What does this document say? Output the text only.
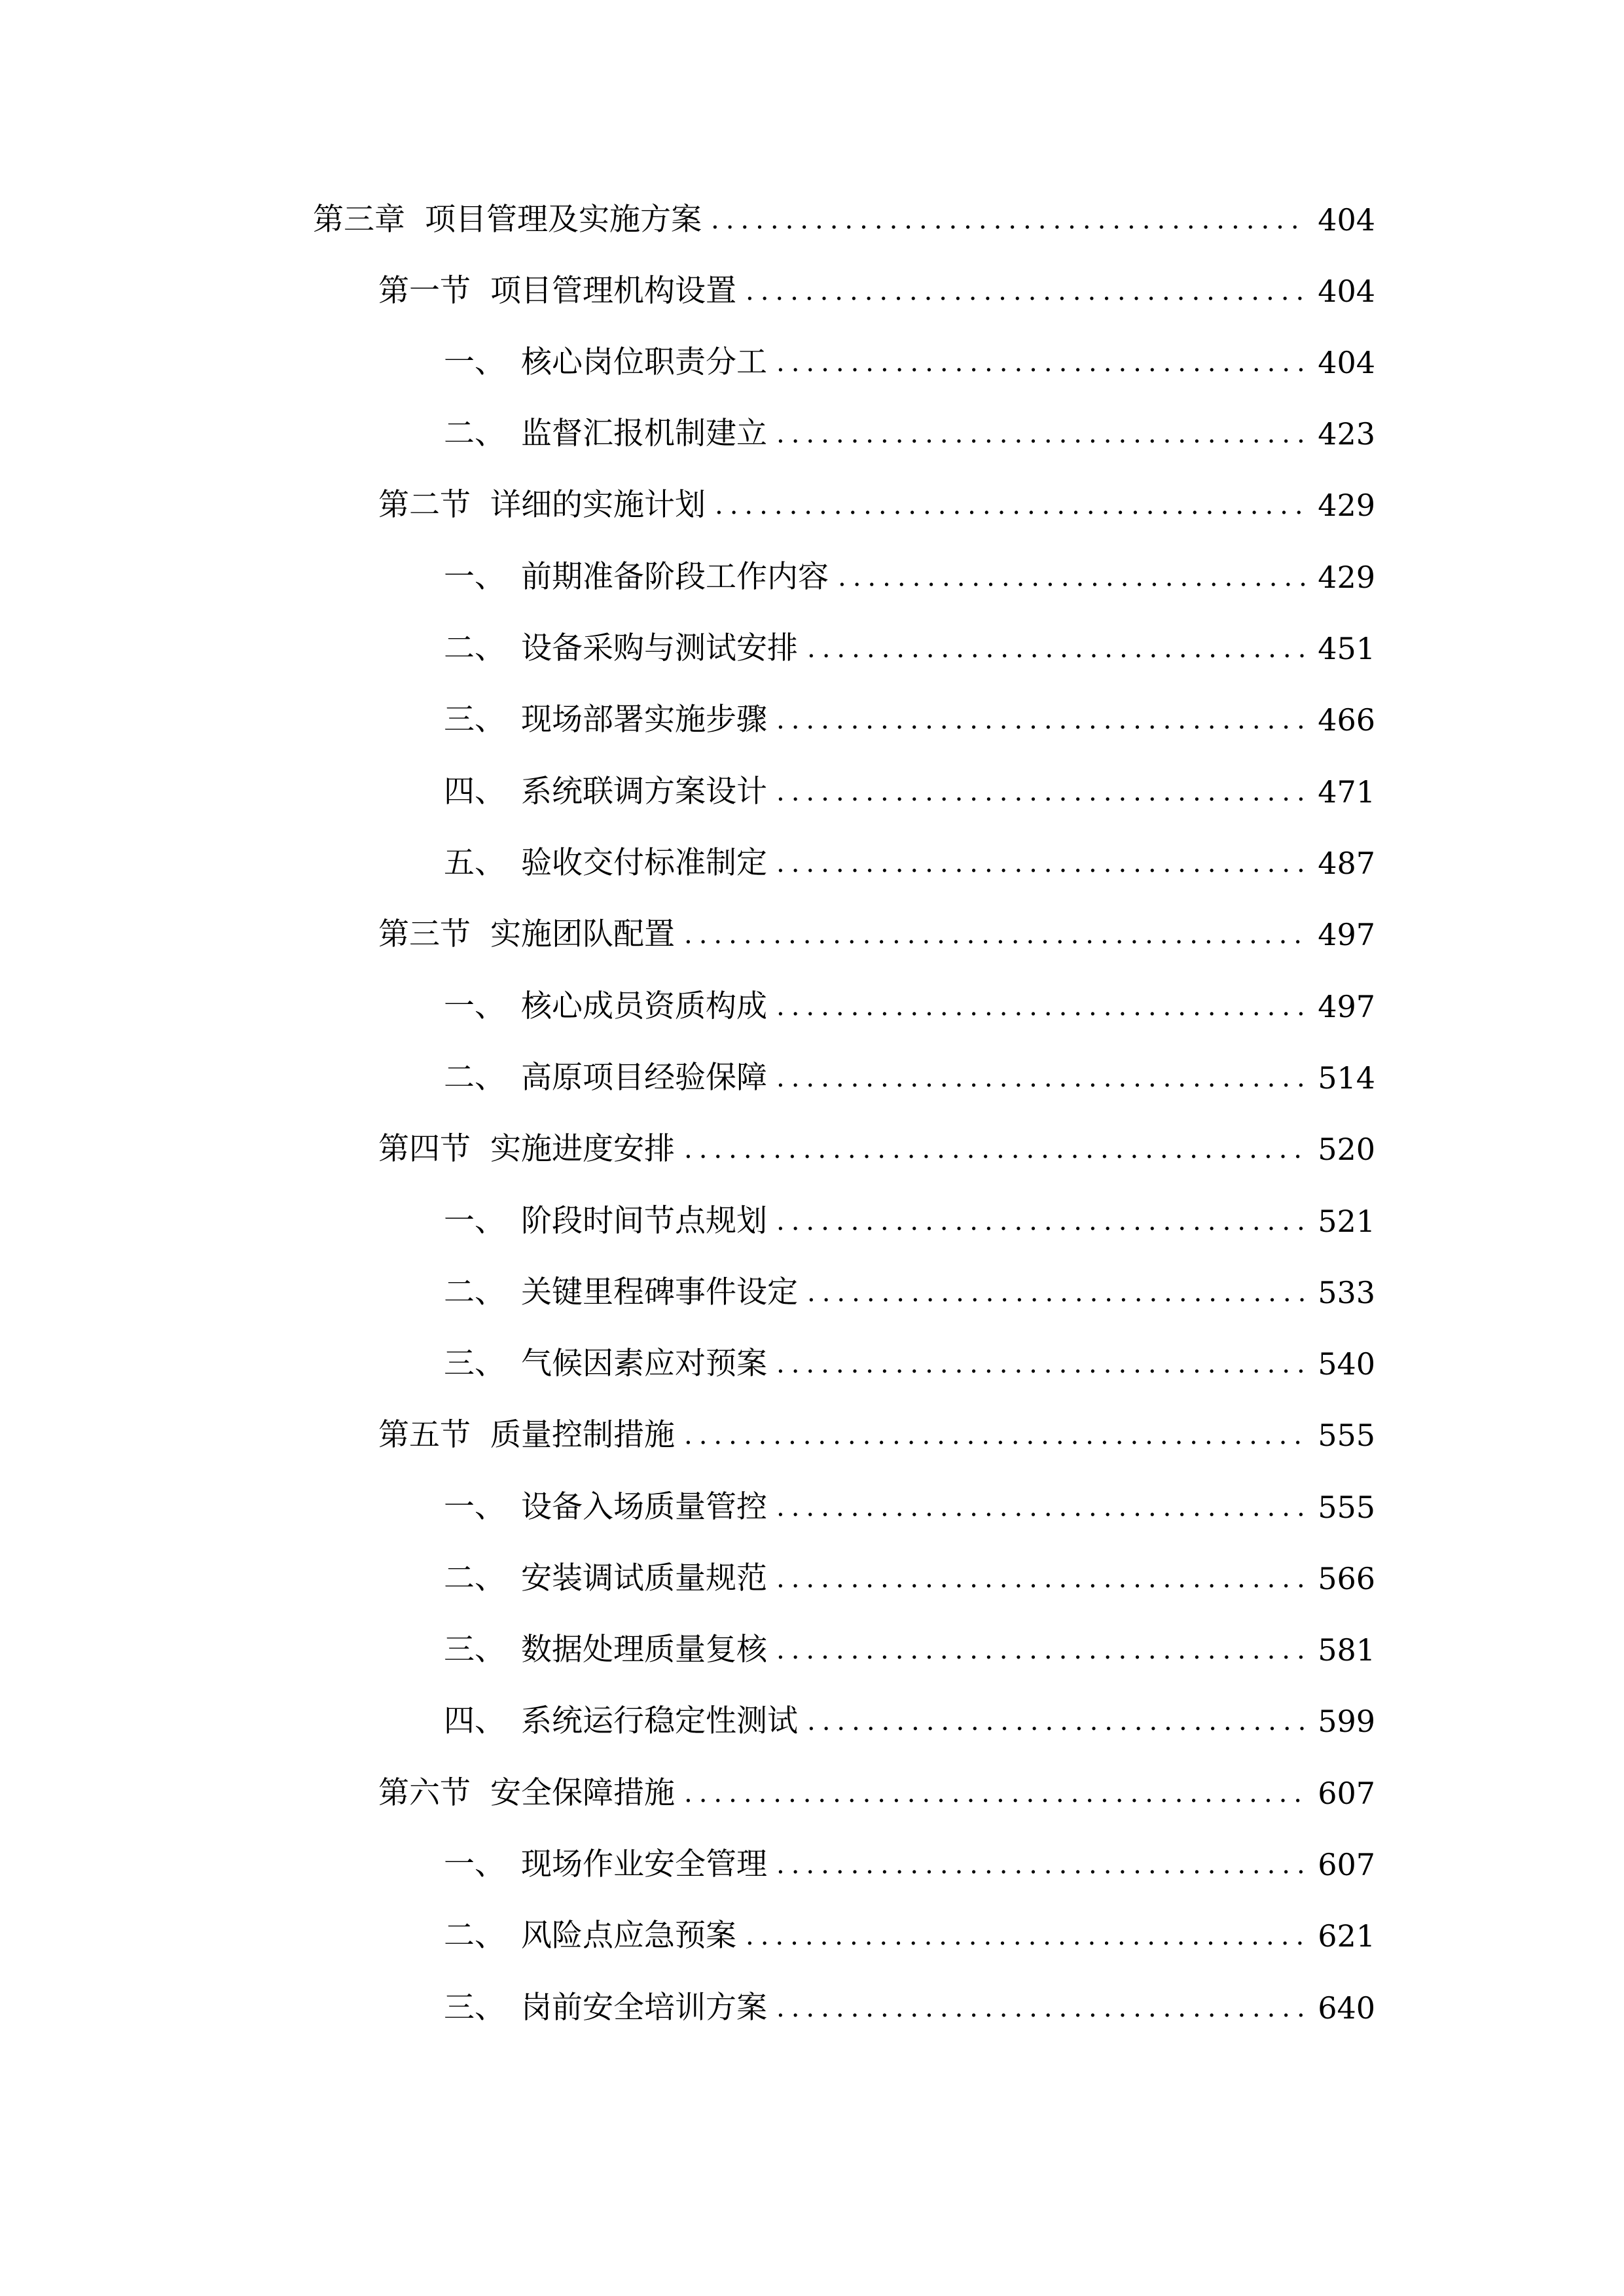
第三章 项目管理及实施方案 .....	404
第一节 项目管理机构设置 .....	404
一、 核心岗位职责分工 .....	404
二、 监督汇报机制建立 .....	423
第二节 详细的实施计划 .....	429
一、 前期准备阶段工作内容 .....	429
二、 设备采购与测试安排 .....	451
三、 现场部署实施步骤 .....	466
四、 系统联调方案设计 .....	471
五、 验收交付标准制定 .....	487
第三节 实施团队配置 .....	497
一、 核心成员资质构成 .....	497
二、 高原项目经验保障 .....	514
第四节 实施进度安排 .....	520
一、 阶段时间节点规划 .....	521
二、 关键里程碑事件设定 .....	533
三、 气候因素应对预案 .....	540
第五节 质量控制措施 .....	555
一、 设备入场质量管控 .....	555
二、 安装调试质量规范 .....	566
三、 数据处理质量复核 .....	581
四、 系统运行稳定性测试 .....	599
第六节 安全保障措施 .....	607
一、 现场作业安全管理 .....	607
二、 风险点应急预案 .....	621
三、 岗前安全培训方案 .....	640
